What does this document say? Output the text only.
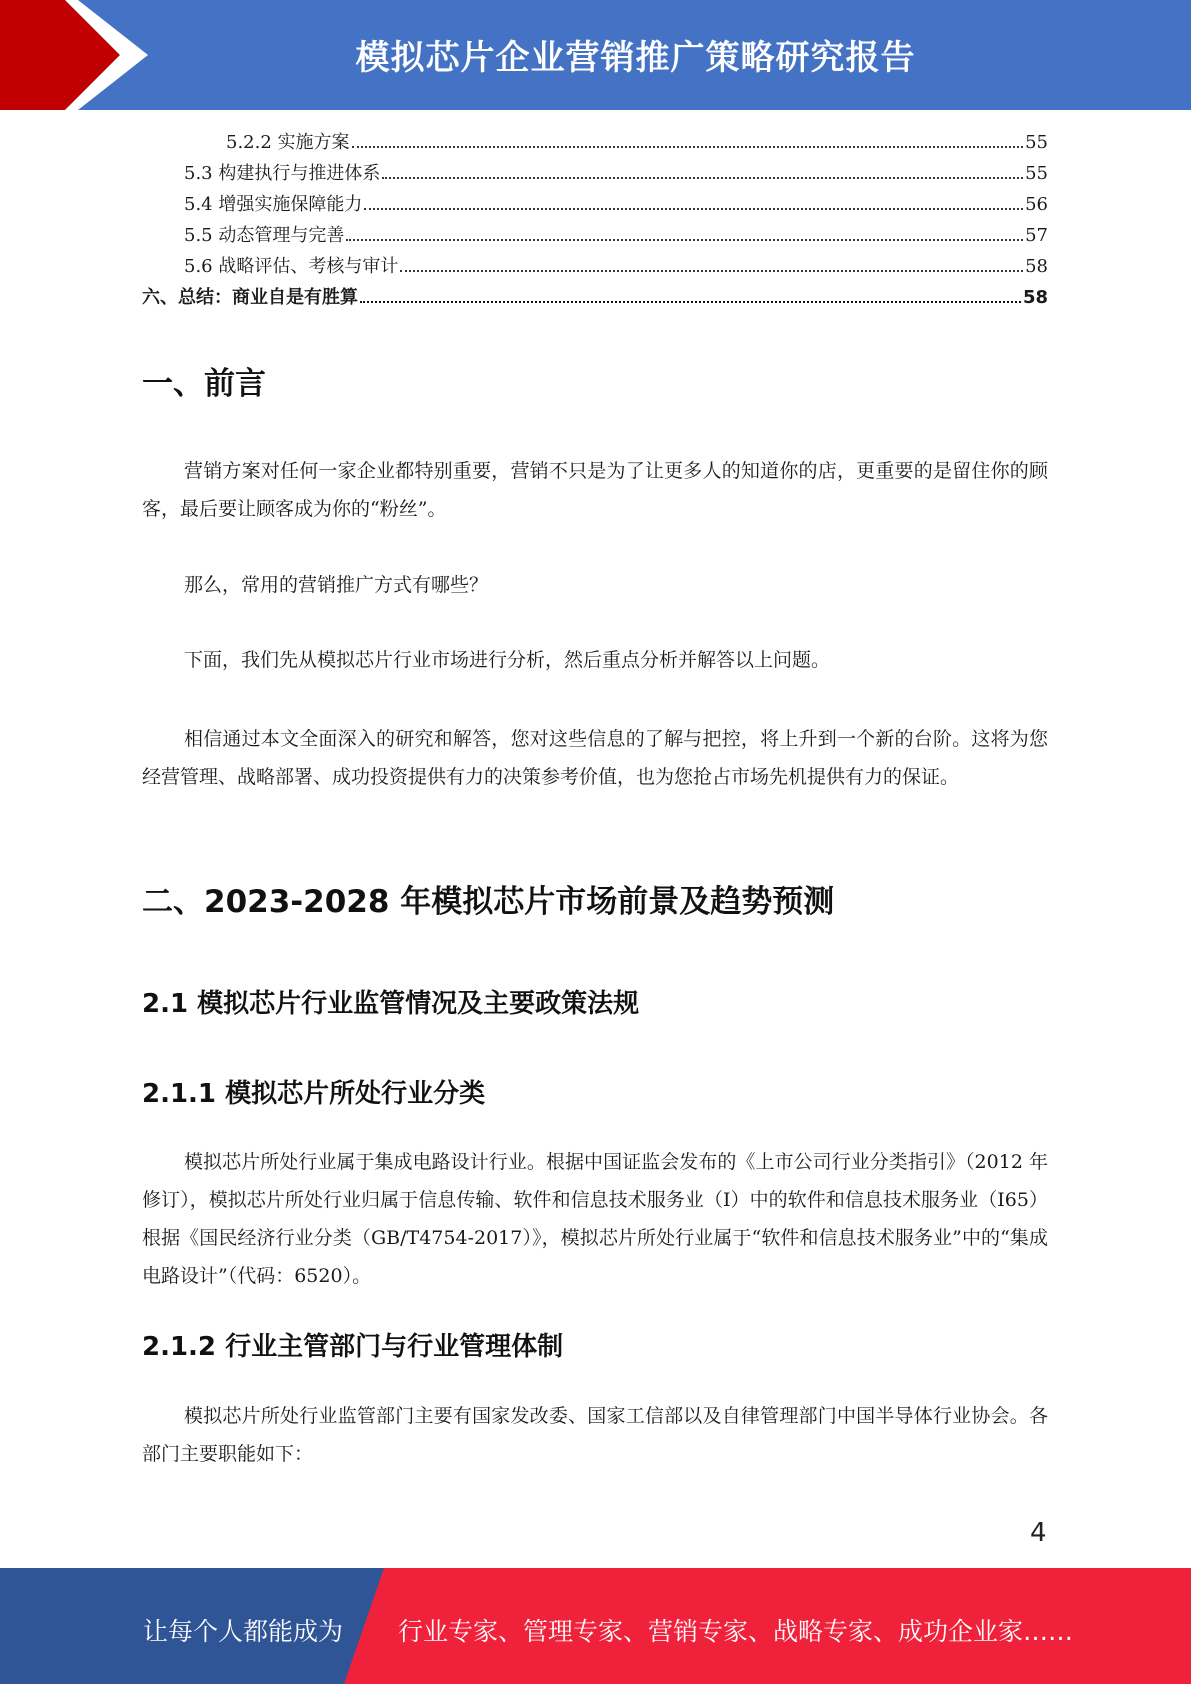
模拟芯片企业营销推广策略研究报告
5.2.2 实施方案	55
5.3 构建执行与推进体系	55
5.4 增强实施保障能力	56
5.5 动态管理与完善	57
5.6 战略评估、考核与审计	58
六、总结：商业自是有胜算	58
一、前言

营销方案对任何一家企业都特别重要，营销不只是为了让更多人的知道你的店，更重要的是留住你的顾客，最后要让顾客成为你的“粉丝”。

那么，常用的营销推广方式有哪些？

下面，我们先从模拟芯片行业市场进行分析，然后重点分析并解答以上问题。

相信通过本文全面深入的研究和解答，您对这些信息的了解与把控，将上升到一个新的台阶。这将为您经营管理、战略部署、成功投资提供有力的决策参考价值，也为您抢占市场先机提供有力的保证。

二、2023-2028 年模拟芯片市场前景及趋势预测
2.1 模拟芯片行业监管情况及主要政策法规
2.1.1 模拟芯片所处行业分类

模拟芯片所处行业属于集成电路设计行业。根据中国证监会发布的《上市公司行业分类指引》（2012 年修订），模拟芯片所处行业归属于信息传输、软件和信息技术服务业（I）中的软件和信息技术服务业（I65）根据《国民经济行业分类（GB/T4754-2017）》，模拟芯片所处行业属于“软件和信息技术服务业”中的“集成电路设计”（代码：6520）。

2.1.2 行业主管部门与行业管理体制

模拟芯片所处行业监管部门主要有国家发改委、国家工信部以及自律管理部门中国半导体行业协会。各部门主要职能如下：

4
让每个人都能成为 行业专家、管理专家、营销专家、战略专家、成功企业家……
